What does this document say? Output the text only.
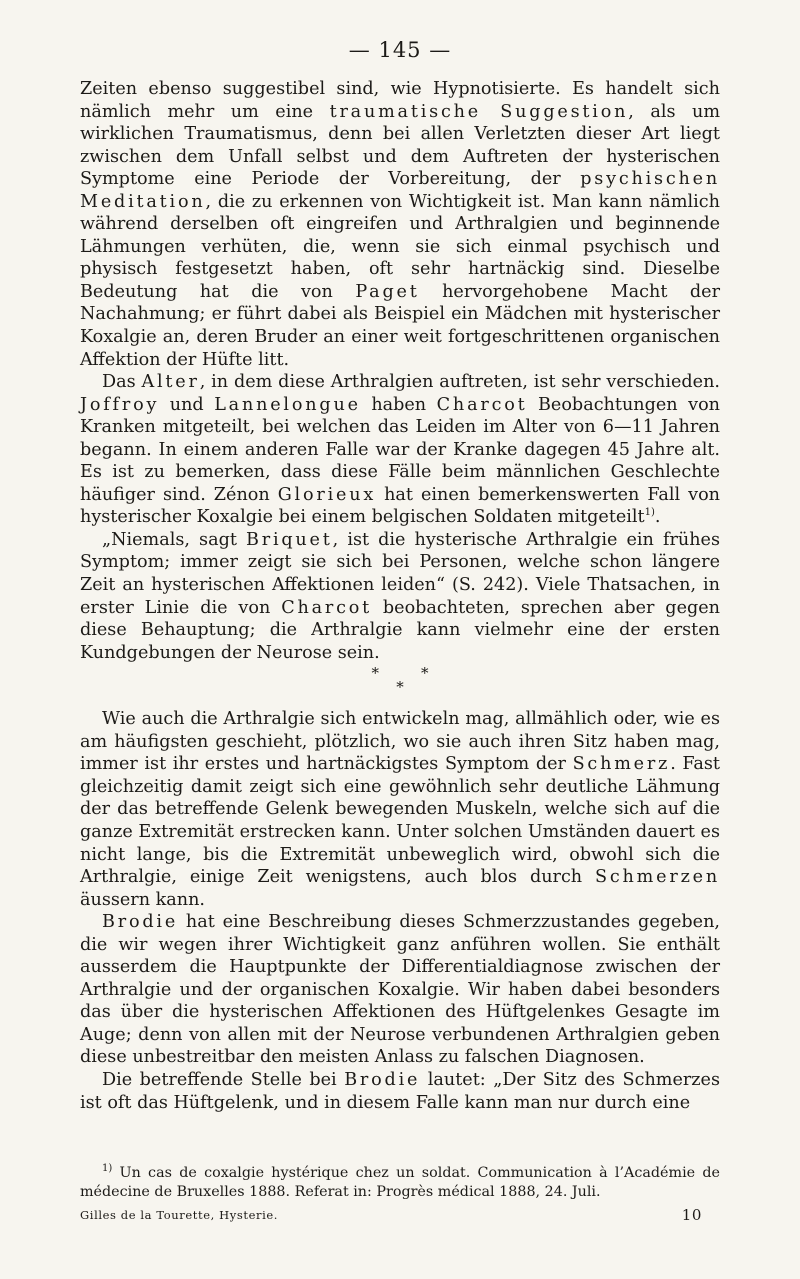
— 145 —

Zeiten ebenso suggestibel sind, wie Hypnotisierte. Es handelt sich nämlich mehr um eine traumatische Suggestion, als um wirklichen Traumatismus, denn bei allen Verletzten dieser Art liegt zwischen dem Unfall selbst und dem Auftreten der hysterischen Symptome eine Periode der Vorbereitung, der psychischen Meditation, die zu erkennen von Wichtigkeit ist. Man kann nämlich während derselben oft eingreifen und Arthralgien und beginnende Lähmungen verhüten, die, wenn sie sich einmal psychisch und physisch festgesetzt haben, oft sehr hartnäckig sind. Dieselbe Bedeutung hat die von Paget hervorgehobene Macht der Nachahmung; er führt dabei als Beispiel ein Mädchen mit hysterischer Koxalgie an, deren Bruder an einer weit fortgeschrittenen organischen Affektion der Hüfte litt.

Das Alter, in dem diese Arthralgien auftreten, ist sehr verschieden. Joffroy und Lannelongue haben Charcot Beobachtungen von Kranken mitgeteilt, bei welchen das Leiden im Alter von 6—11 Jahren begann. In einem anderen Falle war der Kranke dagegen 45 Jahre alt. Es ist zu bemerken, dass diese Fälle beim männlichen Geschlechte häufiger sind. Zénon Glorieux hat einen bemerkenswerten Fall von hysterischer Koxalgie bei einem belgischen Soldaten mitgeteilt$^{1)}$.

„Niemals, sagt Briquet, ist die hysterische Arthralgie ein frühes Symptom; immer zeigt sie sich bei Personen, welche schon längere Zeit an hysterischen Affektionen leiden“ (S. 242). Viele Thatsachen, in erster Linie die von Charcot beobachteten, sprechen aber gegen diese Behauptung; die Arthralgie kann vielmehr eine der ersten Kundgebungen der Neurose sein.

**
*

Wie auch die Arthralgie sich entwickeln mag, allmählich oder, wie es am häufigsten geschieht, plötzlich, wo sie auch ihren Sitz haben mag, immer ist ihr erstes und hartnäckigstes Symptom der Schmerz. Fast gleichzeitig damit zeigt sich eine gewöhnlich sehr deutliche Lähmung der das betreffende Gelenk bewegenden Muskeln, welche sich auf die ganze Extremität erstrecken kann. Unter solchen Umständen dauert es nicht lange, bis die Extremität unbeweglich wird, obwohl sich die Arthralgie, einige Zeit wenigstens, auch blos durch Schmerzen äussern kann.

Brodie hat eine Beschreibung dieses Schmerzzustandes gegeben, die wir wegen ihrer Wichtigkeit ganz anführen wollen. Sie enthält ausserdem die Hauptpunkte der Differentialdiagnose zwischen der Arthralgie und der organischen Koxalgie. Wir haben dabei besonders das über die hysterischen Affektionen des Hüftgelenkes Gesagte im Auge; denn von allen mit der Neurose verbundenen Arthralgien geben diese unbestreitbar den meisten Anlass zu falschen Diagnosen.

Die betreffende Stelle bei Brodie lautet: „Der Sitz des Schmerzes ist oft das Hüftgelenk, und in diesem Falle kann man nur durch eine

$^{1)}$ Un cas de coxalgie hystérique chez un soldat. Communication à l’Académie de médecine de Bruxelles 1888. Referat in: Progrès médical 1888, 24. Juli.

Gilles de la Tourette, Hysterie.	10
